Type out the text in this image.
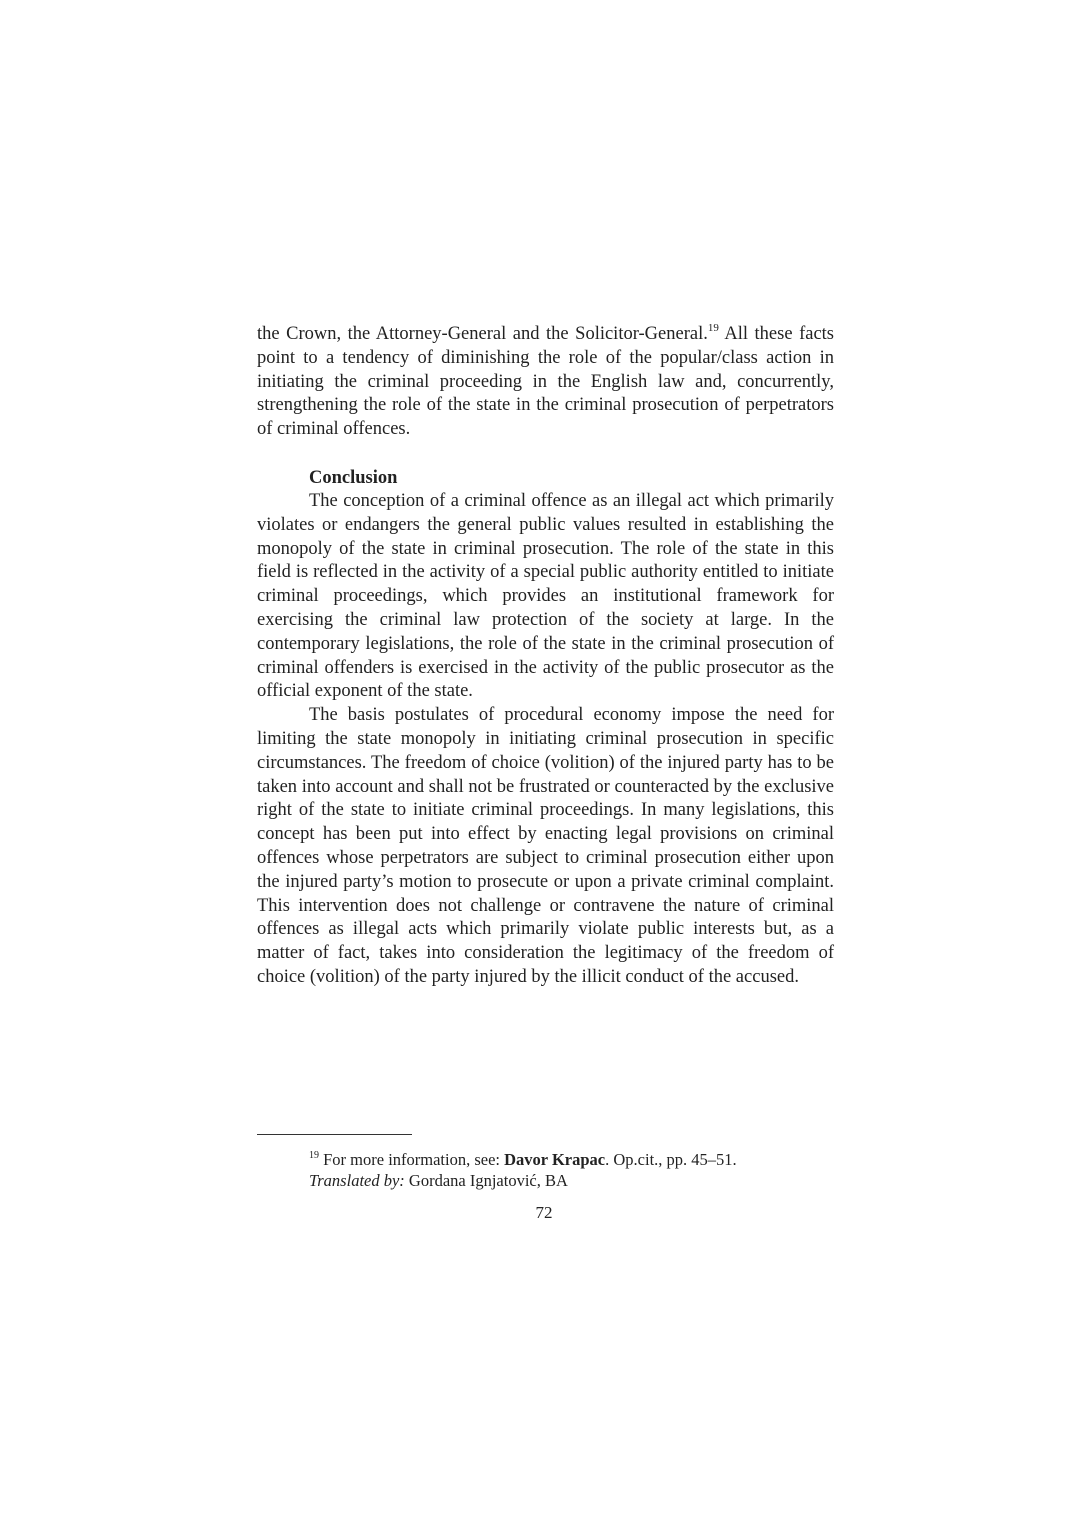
the Crown, the Attorney-General and the Solicitor-General.$^{19}$ All these facts point to a tendency of diminishing the role of the popular/class action in initiating the criminal proceeding in the English law and, concurrently, strengthening the role of the state in the criminal prosecution of perpetrators of criminal offences.

Conclusion

The conception of a criminal offence as an illegal act which primarily violates or endangers the general public values resulted in establishing the monopoly of the state in criminal prosecution. The role of the state in this field is reflected in the activity of a special public authority entitled to initiate criminal proceedings, which provides an institutional framework for exercising the criminal law protection of the society at large. In the contemporary legislations, the role of the state in the criminal prosecution of criminal offenders is exercised in the activity of the public prosecutor as the official exponent of the state.

The basis postulates of procedural economy impose the need for limiting the state monopoly in initiating criminal prosecution in specific circumstances. The freedom of choice (volition) of the injured party has to be taken into account and shall not be frustrated or counteracted by the exclusive right of the state to initiate criminal proceedings. In many legislations, this concept has been put into effect by enacting legal provisions on criminal offences whose perpetrators are subject to criminal prosecution either upon the injured party’s motion to prosecute or upon a private criminal complaint. This intervention does not challenge or contravene the nature of criminal offences as illegal acts which primarily violate public interests but, as a matter of fact, takes into consideration the legitimacy of the freedom of choice (volition) of the party injured by the illicit conduct of the accused.

$^{19}$ For more information, see: Davor Krapac. Op.cit., pp. 45–51.
Translated by: Gordana Ignjatović, BA
72
